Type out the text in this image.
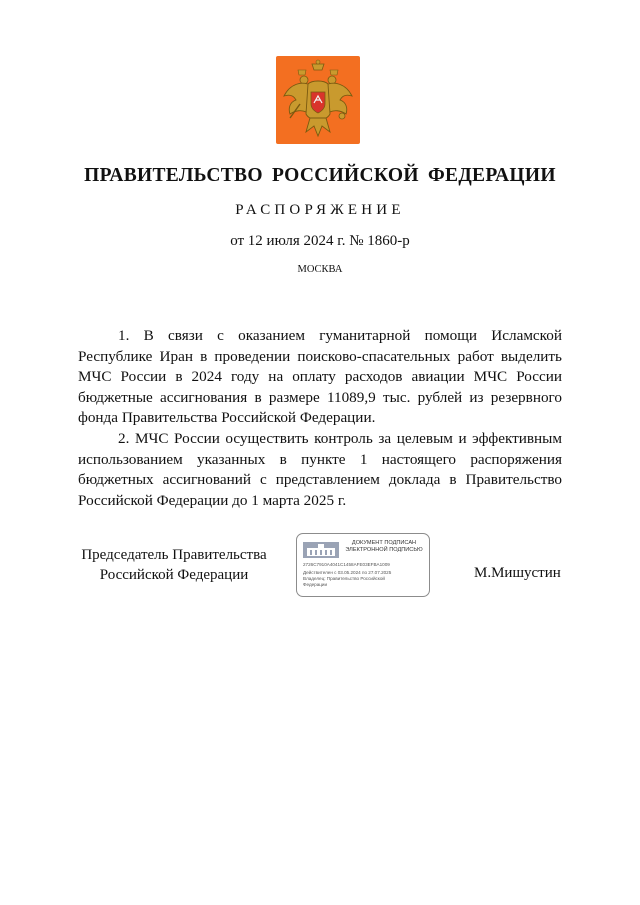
ПРАВИТЕЛЬСТВО РОССИЙСКОЙ ФЕДЕРАЦИИ
РАСПОРЯЖЕНИЕ
от 12 июля 2024 г. № 1860-р
МОСКВА

1. В связи с оказанием гуманитарной помощи Исламской Республике Иран в проведении поисково-спасательных работ выделить МЧС России в 2024 году на оплату расходов авиации МЧС России бюджетные ассигнования в размере 11089,9 тыс. рублей из резервного фонда Правительства Российской Федерации.

2. МЧС России осуществить контроль за целевым и эффективным использованием указанных в пункте 1 настоящего распоряжения бюджетных ассигнований с представлением доклада в Правительство Российской Федерации до 1 марта 2025 г.

Председатель Правительства
Российской Федерации
ДОКУМЕНТ ПОДПИСАН
ЭЛЕКТРОННОЙ ПОДПИСЬЮ
2726C7910A4041C1458AFE03EFBA1009
Действителен с 03.05.2024 по 27.07.2025
Владелец: Правительство Российской
Федерации
М.Мишустин
